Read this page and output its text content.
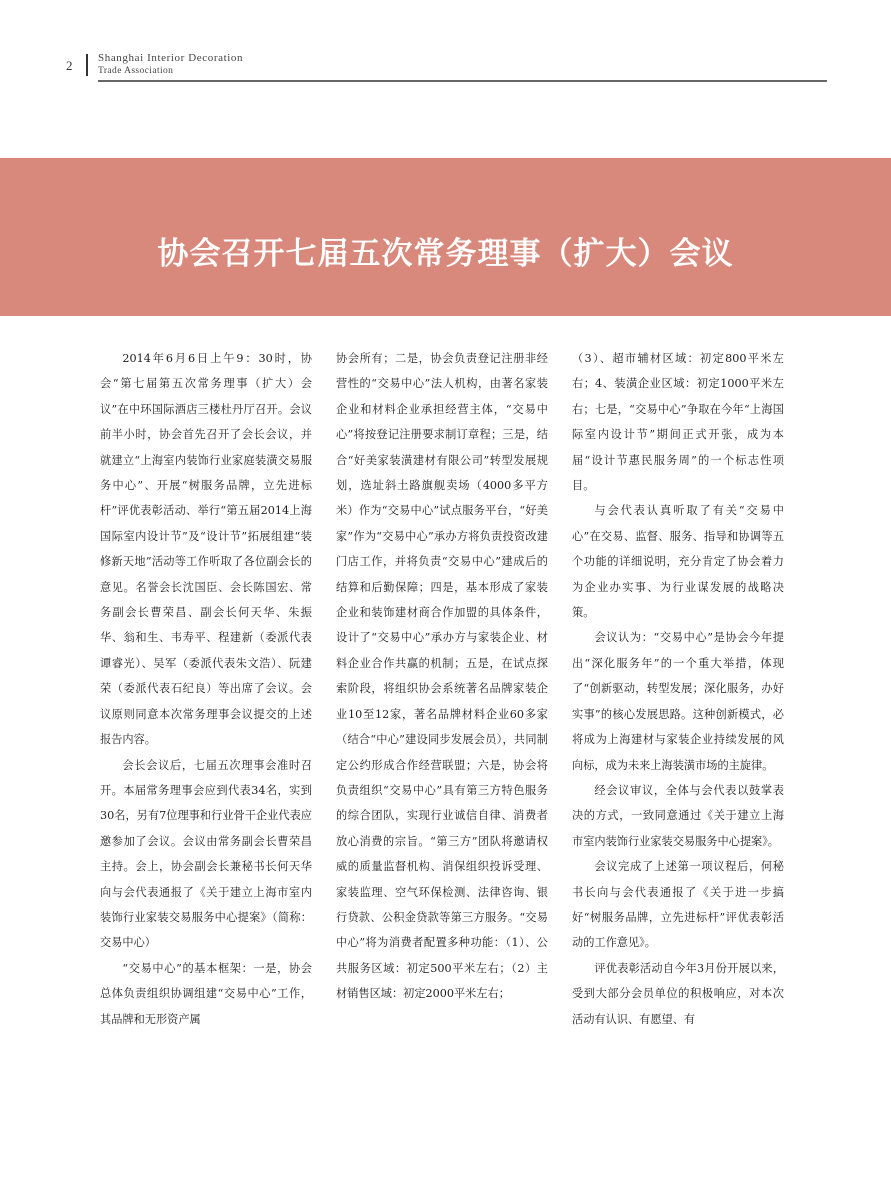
2 Shanghai Interior Decoration
Trade Association
协会召开七届五次常务理事（扩大）会议

2014年6月6日上午9：30时，协会“第七届第五次常务理事（扩大）会议”在中环国际酒店三楼杜丹厅召开。会议前半小时，协会首先召开了会长会议，并就建立“上海室内装饰行业家庭装潢交易服务中心”、开展“树服务品牌，立先进标杆”评优表彰活动、举行“第五届2014上海国际室内设计节”及“设计节”拓展组建“装修新天地”活动等工作听取了各位副会长的意见。名誉会长沈国臣、会长陈国宏、常务副会长曹荣昌、副会长何天华、朱振华、翁和生、韦寿平、程建新（委派代表谭睿光）、吴军（委派代表朱文浩）、阮建荣（委派代表石纪良）等出席了会议。会议原则同意本次常务理事会议提交的上述报告内容。

会长会议后，七届五次理事会准时召开。本届常务理事会应到代表34名，实到30名，另有7位理事和行业骨干企业代表应邀参加了会议。会议由常务副会长曹荣昌主持。会上，协会副会长兼秘书长何天华向与会代表通报了《关于建立上海市室内装饰行业家装交易服务中心提案》（简称：交易中心）

“交易中心”的基本框架：一是，协会总体负责组织协调组建“交易中心”工作，其品牌和无形资产属

协会所有；二是，协会负责登记注册非经营性的“交易中心”法人机构，由著名家装企业和材料企业承担经营主体，“交易中心”将按登记注册要求制订章程；三是，结合“好美家装潢建材有限公司”转型发展规划，选址斜土路旗舰卖场（4000多平方米）作为“交易中心”试点服务平台，“好美家”作为“交易中心”承办方将负责投资改建门店工作，并将负责“交易中心”建成后的结算和后勤保障；四是，基本形成了家装企业和装饰建材商合作加盟的具体条件，设计了“交易中心”承办方与家装企业、材料企业合作共赢的机制；五是，在试点探索阶段，将组织协会系统著名品牌家装企业10至12家，著名品牌材料企业60多家（结合“中心”建设同步发展会员），共同制定公约形成合作经营联盟；六是，协会将负责组织“交易中心”具有第三方特色服务的综合团队，实现行业诚信自律、消费者放心消费的宗旨。“第三方”团队将邀请权威的质量监督机构、消保组织投诉受理、家装监理、空气环保检测、法律咨询、银行贷款、公积金贷款等第三方服务。“交易中心”将为消费者配置多种功能：（1）、公共服务区域：初定500平米左右；（2）主材销售区域：初定2000平米左右；

（3）、超市辅材区域：初定800平米左右；4、装潢企业区域：初定1000平米左右；七是，“交易中心”争取在今年“上海国际室内设计节”期间正式开张，成为本届“设计节惠民服务周”的一个标志性项目。

与会代表认真听取了有关“交易中心”在交易、监督、服务、指导和协调等五个功能的详细说明，充分肯定了协会着力为企业办实事、为行业谋发展的战略决策。

会议认为：“交易中心”是协会今年提出“深化服务年”的一个重大举措，体现了“创新驱动，转型发展；深化服务，办好实事”的核心发展思路。这种创新模式，必将成为上海建材与家装企业持续发展的风向标，成为未来上海装潢市场的主旋律。

经会议审议，全体与会代表以鼓掌表决的方式，一致同意通过《关于建立上海市室内装饰行业家装交易服务中心提案》。

会议完成了上述第一项议程后，何秘书长向与会代表通报了《关于进一步搞好“树服务品牌，立先进标杆”评优表彰活动的工作意见》。

评优表彰活动自今年3月份开展以来，受到大部分会员单位的积极响应，对本次活动有认识、有愿望、有
